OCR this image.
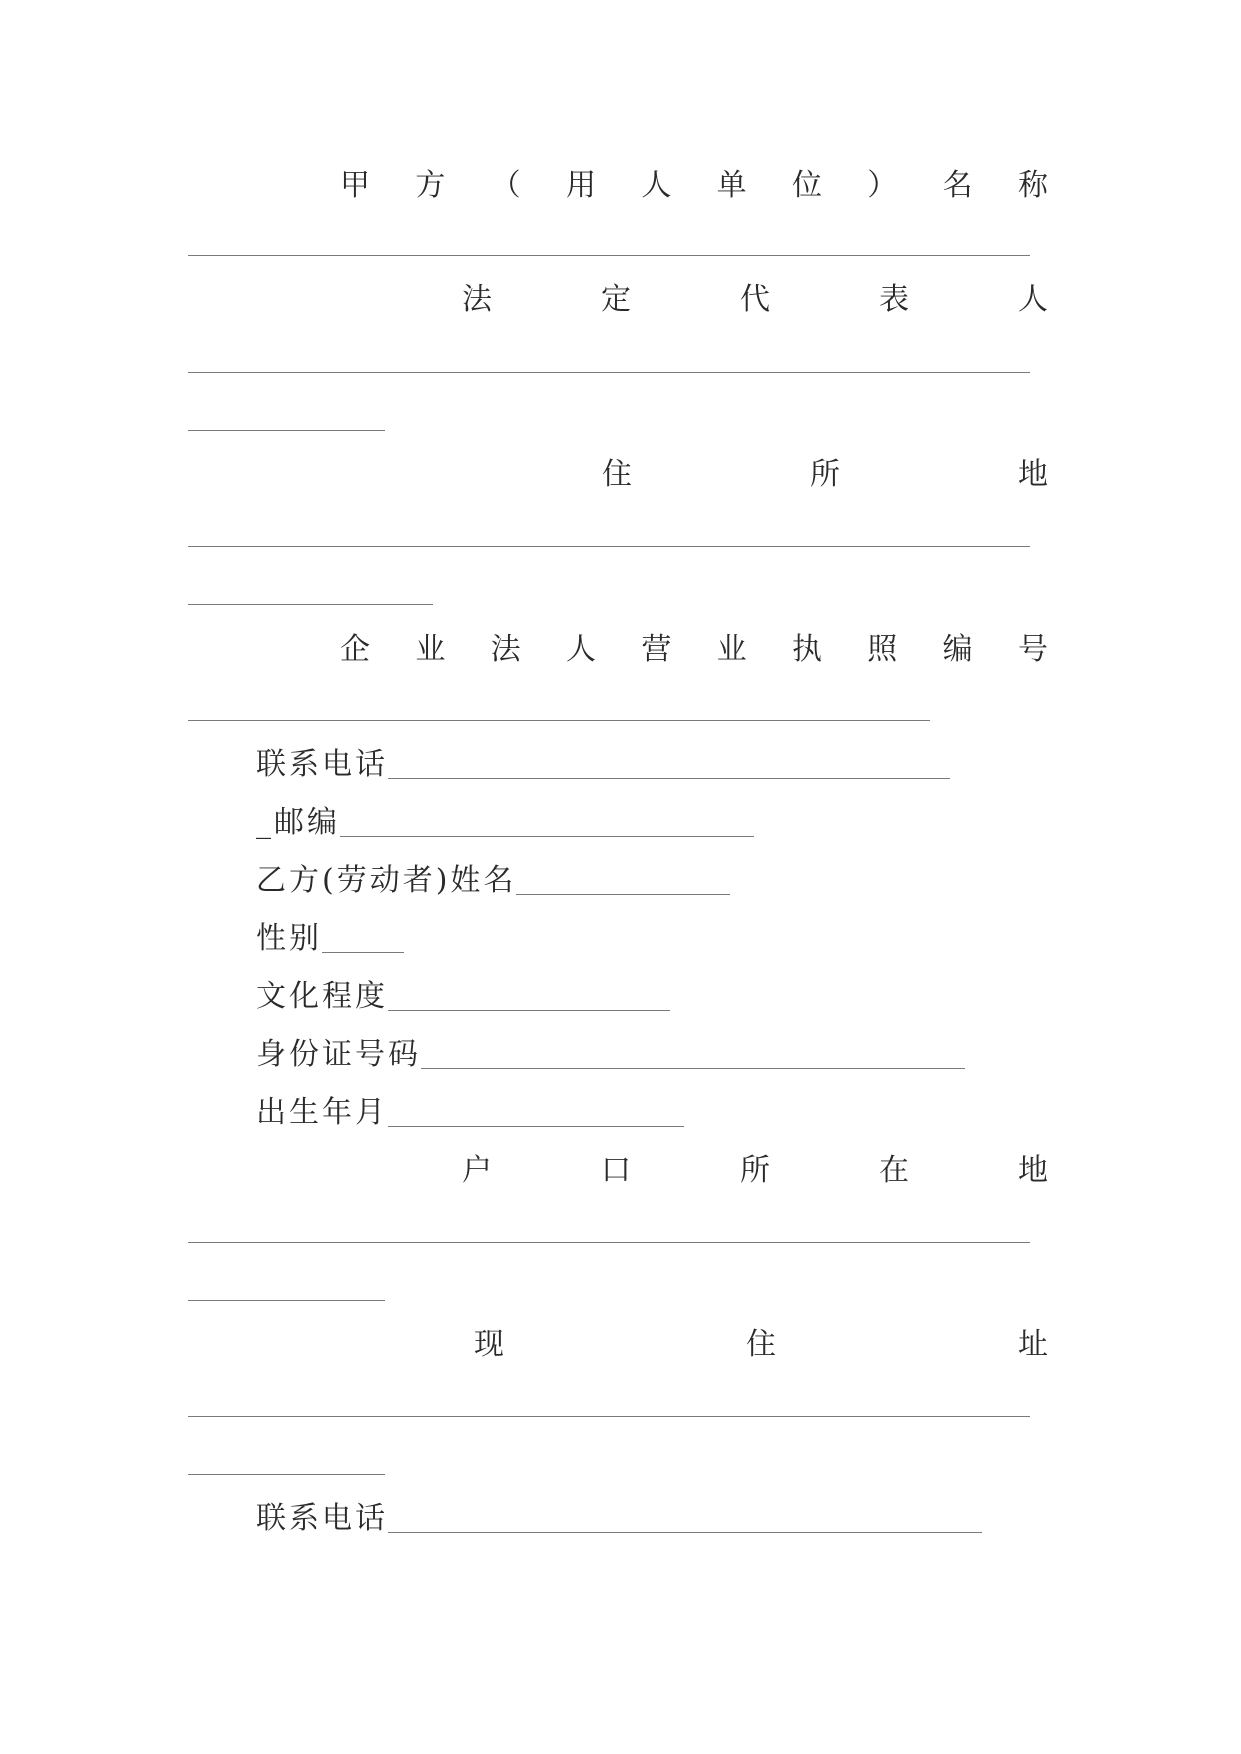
甲 方 （ 用 人 单 位 ） 名 称
法	定	代	表	人
住	所	地
企 业 法 人 营 业 执 照 编 号
联系电话
_邮编
乙方(劳动者)姓名
性别
文化程度
身份证号码
出生年月
户	口	所	在	地
现	住	址
联系电话
